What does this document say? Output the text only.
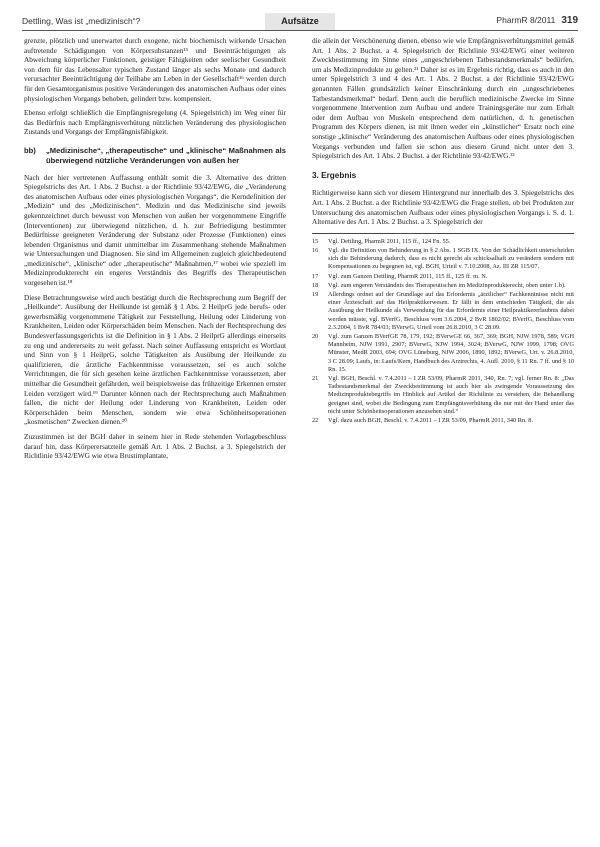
Dettling, Was ist „medizinisch“?	Aufsätze	PharmR 8/2011 319

grenzte, plötzlich und unerwartet durch exogene, nicht biochemisch wirkende Ursachen auftretende Schädigungen von Körpersubstanzen¹⁵ und Beeinträchtigungen als Abweichung körperlicher Funktionen, geistiger Fähigkeiten oder seelischer Gesundheit von dem für das Lebensalter typischen Zustand länger als sechs Monate und dadurch verursachter Beeinträchtigung der Teilhabe am Leben in der Gesellschaft¹⁶ werden durch für den Gesamtorganismus positive Veränderungen des anatomischen Aufbaus oder eines physiologischen Vorgangs behoben, gelindert bzw. kompensiert.

Ebenso erfolgt schließlich die Empfängnisregelung (4. Spiegelstrich) im Weg einer für das Bedürfnis nach Empfängnisverhütung nützlichen Veränderung des physiologischen Zustands und Vorgangs der Empfängnisfähigkeit.

bb)	„Medizinische“, „therapeutische“ und „klinische“ Maßnahmen als überwiegend nützliche Veränderungen von außen her

Nach der hier vertretenen Auffassung enthält somit die 3. Alternative des dritten Spiegelstrichs des Art. 1 Abs. 2 Buchst. a der Richtlinie 93/42/EWG, die „Veränderung des anatomischen Aufbaus oder eines physiologischen Vorgangs“, die Kerndefinition der „Medizin“ und des „Medizinischen“. Medizin und das Medizinische sind jeweils gekennzeichnet durch bewusst von Menschen von außen her vorgenommene Eingriffe (Interventionen) zur überwiegend nützlichen, d. h. zur Befriedigung bestimmter Bedürfnisse geeigneten Veränderung der Substanz oder Prozesse (Funktionen) eines lebenden Organismus und damit unmittelbar im Zusammenhang stehende Maßnahmen wie Untersuchungen und Diagnosen. Sie sind im Allgemeinen zugleich gleichbedeutend „medizinische“, „klinische“ oder „therapeutische“ Maßnahmen,¹⁷ wobei wie speziell im Medizinprodukterecht ein engeres Verständnis des Begriffs des Therapeutischen vorgesehen ist.¹⁸

Diese Betrachtungsweise wird auch bestätigt durch die Rechtsprechung zum Begriff der „Heilkunde“. Ausübung der Heilkunde ist gemäß § 1 Abs. 2 HeilprG jede berufs- oder gewerbsmäßig vorgenommene Tätigkeit zur Feststellung, Heilung oder Linderung von Krankheiten, Leiden oder Körperschäden beim Menschen. Nach der Rechtsprechung des Bundesverfassungsgerichts ist die Definition in § 1 Abs. 2 HeilprG allerdings einerseits zu eng und andererseits zu weit gefasst. Nach seiner Auffassung entspricht es Wortlaut und Sinn von § 1 HeilprG, solche Tätigkeiten als Ausübung der Heilkunde zu qualifizieren, die ärztliche Fachkenntnisse voraussetzen, sei es auch solche Verrichtungen, die für sich gesehen keine ärztlichen Fachkenntnisse voraussetzen, aber mittelbar die Gesundheit gefährden, weil beispielsweise das frühzeitige Erkennen ernster Leiden verzögert wird.¹⁹ Darunter können nach der Rechtsprechung auch Maßnahmen fallen, die nicht der Heilung oder Linderung von Krankheiten, Leiden oder Körperschäden beim Menschen, sondern wie etwa Schönheitsoperationen „kosmetischen“ Zwecken dienen.²⁰

Zuzustimmen ist der BGH daher in seinem hier in Rede stehenden Vorlagebeschluss darauf hin, dass Körperersatzteile gemäß Art. 1 Abs. 2 Buchst. a 3. Spiegelstrich der Richtlinie 93/42/EWG wie etwa Brustimplantate,

die allein der Verschönerung dienen, ebenso wie wie Empfängnisverhütungsmittel gemäß Art. 1 Abs. 2 Buchst. a 4. Spiegelstrich der Richtlinie 93/42/EWG einer weiteren Zweckbestimmung im Sinne eines „ungeschriebenen Tatbestandsmerkmals“ bedürfen, um als Medizinprodukte zu gelten.²¹ Daher ist es im Ergebnis richtig, dass es auch in den unter Spiegelstrich 3 und 4 des Art. 1 Abs. 2 Buchst. a der Richtlinie 93/42/EWG genannten Fällen grundsätzlich keiner Einschränkung durch ein „ungeschriebenes Tatbestandsmerkmal“ bedarf. Denn auch die beruflich medizinische Zwecke im Sinne vorgenommene Intervention zum Aufbau und andere Trainingsgeräte nur zum Erhalt oder dem Aufbau von Muskeln entsprechend dem natürlichen, d. h. genetischen Programm des Körpers dienen, ist mit ihnen weder ein „künstlicher“ Ersatz noch eine sonstige „klinische“ Veränderung des anatomischen Aufbaus oder eines physiologischen Vorgangs verbunden und fallen sie schon aus diesem Grund nicht unter den 3. Spiegelstrich des Art. 1 Abs. 2 Buchst. a der Richtlinie 93/42/EWG.²²

3. Ergebnis

Richtigerweise kann sich vor diesem Hintergrund nur innerhalb des 3. Spiegelstrichs des Art. 1 Abs. 2 Buchst. a der Richtlinie 93/42/EWG die Frage stellen, ob bei Produkten zur Untersuchung des anatomischen Aufbaus oder eines physiologischen Vorgangs i. S. d. 1. Alternative des Art. 1 Abs. 2 Buchst. a 3. Spiegelstrich der

15	Vgl. Dettling, PharmR 2011, 115 ff., 124 Fn. 55.
16	Vgl. die Definition von Behinderung in § 2 Abs. 1 SGB IX. Von der Schädlichkeit unterscheiden sich die Behinderung dadurch, dass es nicht gerecht als schicksalhaft zu verändern sondern mit Kompensationen zu begegnen ist, vgl. BGH, Urteil v. 7.10.2008, Az. III ZR 115/07.
17	Vgl. zum Ganzen Dettling, PharmR 2011, 115 ff., 125 ff. m. N.
18	Vgl. zum engeren Verständnis des Therapeutischen im Medizinprodukterecht, oben unter 1.b).
19	Allerdings ordnet auf der Grundlage auf das Erfordernis „ärztlicher“ Fachkenntnisse nicht mit einer Ärzteschaft auf das Heilpraktikerwesen. Er fällt in dem entschieden Tätigkeit, die als Ausübung der Heilkunde als Verwendung für das Erfordernis einer Heilpraktikererlaubnis dabei werden müsste, vgl. BVerfG, Beschluss vom 3.6.2004, 2 BvR 1802/02; BVerfG, Beschluss vom 2.3.2004, 1 BvR 784/03; BVerwG, Urteil vom 26.8.2010, 3 C 28.09.
20	Vgl. zum Ganzen BVerfGE 78, 179, 192; BVerwGE 66, 367, 369; BGH, NJW 1978, 589; VGH Mannheim, NJW 1991, 2907; BVerwG, NJW 1994, 3024; BVerwG, NJW 1999, 1798; OVG Münster, MedR 2003, 694; OVG Lüneburg, NJW 2006, 1890, 1892; BVerwG, Urt. v. 26.8.2010, 3 C 28.09; Laufs, in: Laufs/Kern, Handbuch des Arztrechts, 4. Aufl. 2010, § 11 Rn. 7 ff. und § 10 Rn. 15.
21	Vgl. BGH, Beschl. v. 7.4.2011 – I ZR 53/09, PharmR 2011, 340, Rn. 7; vgl. ferner Rn. 8: „Das Tatbestandsmerkmal der Zweckbestimmung ist auch hier als zwingende Voraussetzung des Medizinproduktebegriffs im Hinblick auf Artikel der Richtlinie zu verstehen, die Behandlung geeignet sind, wobei die Bedingung zum Empfängnisverhütung die nur mit der Hand unter das nicht unter Schönheitsoperationen anzusehen sind.“
22	Vgl. dazu auch BGH, Beschl. v. 7.4.2011 – I ZR 53/09, PharmR 2011, 340 Rn. 8.
